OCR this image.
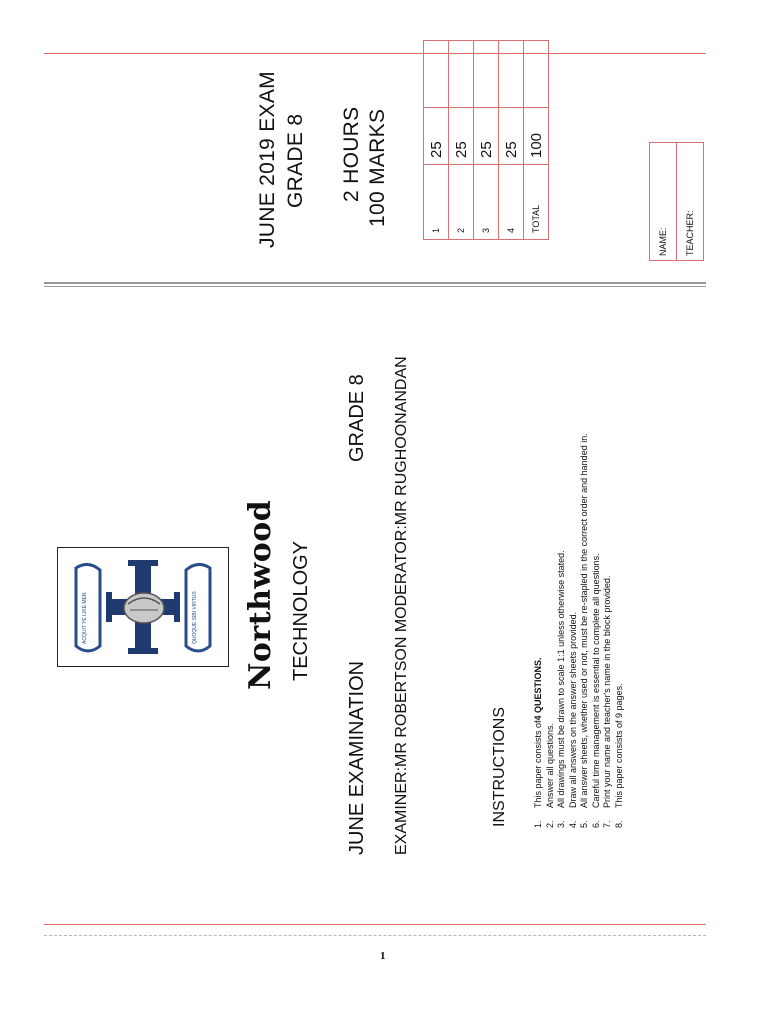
JUNE 2019 EXAM GRADE 8 2 HOURS 100 MARKS
1	25	
2	25	
3	25	
4	25	
TOTAL	100	
NAME:
TEACHER:
ACQUIT YE LIKE MEN	QUOQUE SIBI VIRTUS Northwood TECHNOLOGY
JUNE EXAMINATION
GRADE 8 EXAMINER:MR ROBERTSON MODERATOR:MR RUGHOONANDAN	INSTRUCTIONS	1.
This paper consists of
4 QUESTIONS.
2.
Answer all questions.
3.
All drawings must be drawn to scale 1:1 unless otherwise stated.
4.
Draw all answers on the answer sheets provided.
5.
All answer sheets, whether used or not, must be re-stapled in the correct order and handed in.
6.
Careful time management is essential to complete all questions.
7.
Print your name and teacher's name in the block provided.
8.
This paper consists of 9 pages.
1
